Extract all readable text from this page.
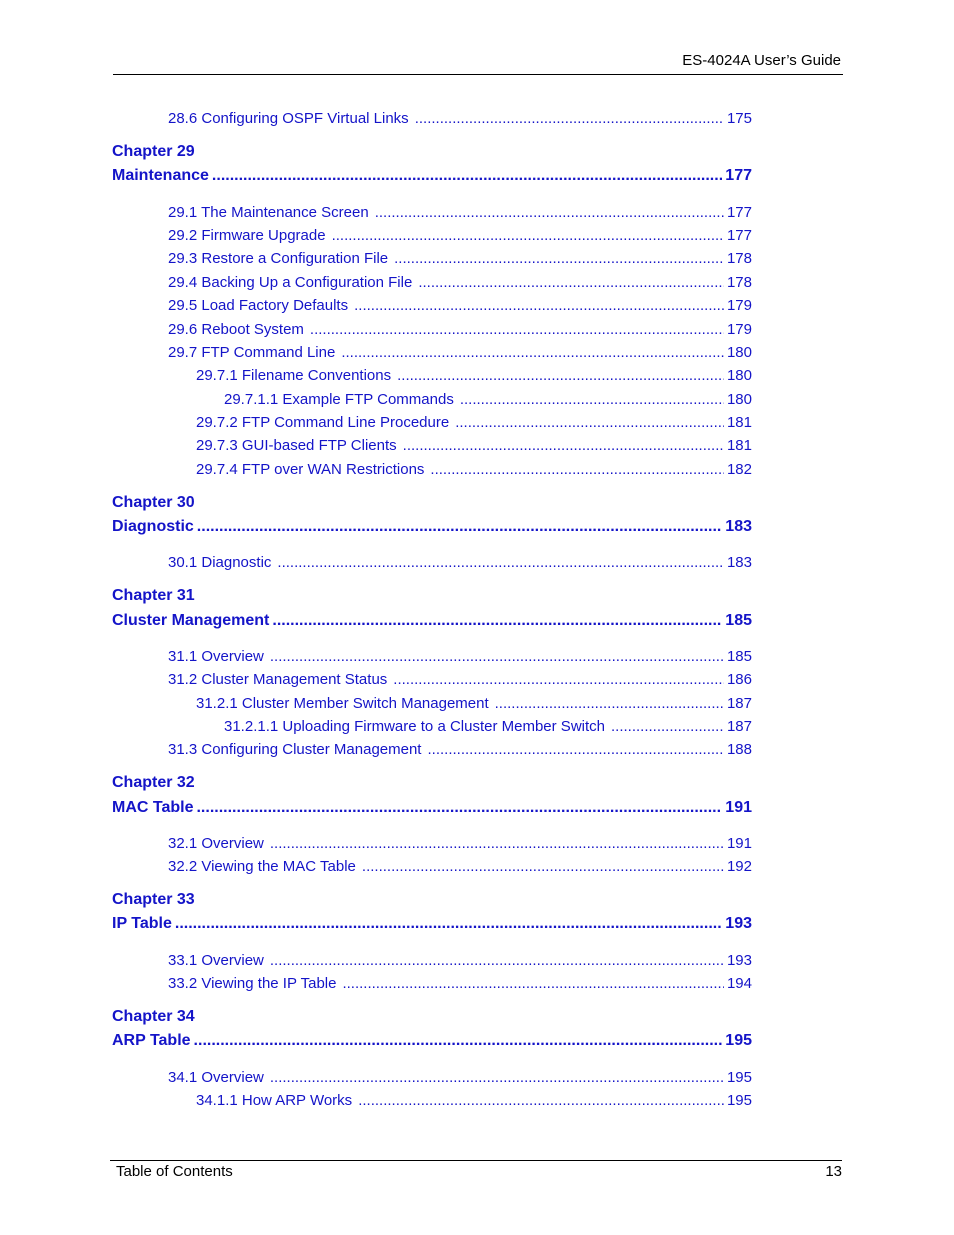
ES-4024A User’s Guide
28.6 Configuring OSPF Virtual Links .....	175
Chapter 29
Maintenance .....	177
29.1 The Maintenance Screen .....	177
29.2 Firmware Upgrade .....	177
29.3 Restore a Configuration File .....	178
29.4 Backing Up a Configuration File .....	178
29.5 Load Factory Defaults .....	179
29.6 Reboot System .....	179
29.7 FTP Command Line .....	180
29.7.1 Filename Conventions .....	180
29.7.1.1 Example FTP Commands .....	180
29.7.2 FTP Command Line Procedure .....	181
29.7.3 GUI-based FTP Clients .....	181
29.7.4 FTP over WAN Restrictions .....	182
Chapter 30
Diagnostic .....	183
30.1 Diagnostic .....	183
Chapter 31
Cluster Management .....	185
31.1 Overview .....	185
31.2 Cluster Management Status .....	186
31.2.1 Cluster Member Switch Management .....	187
31.2.1.1 Uploading Firmware to a Cluster Member Switch .....	187
31.3 Configuring Cluster Management .....	188
Chapter 32
MAC Table .....	191
32.1 Overview .....	191
32.2 Viewing the MAC Table .....	192
Chapter 33
IP Table .....	193
33.1 Overview .....	193
33.2 Viewing the IP Table .....	194
Chapter 34
ARP Table .....	195
34.1 Overview .....	195
34.1.1 How ARP Works .....	195
Table of Contents	13
